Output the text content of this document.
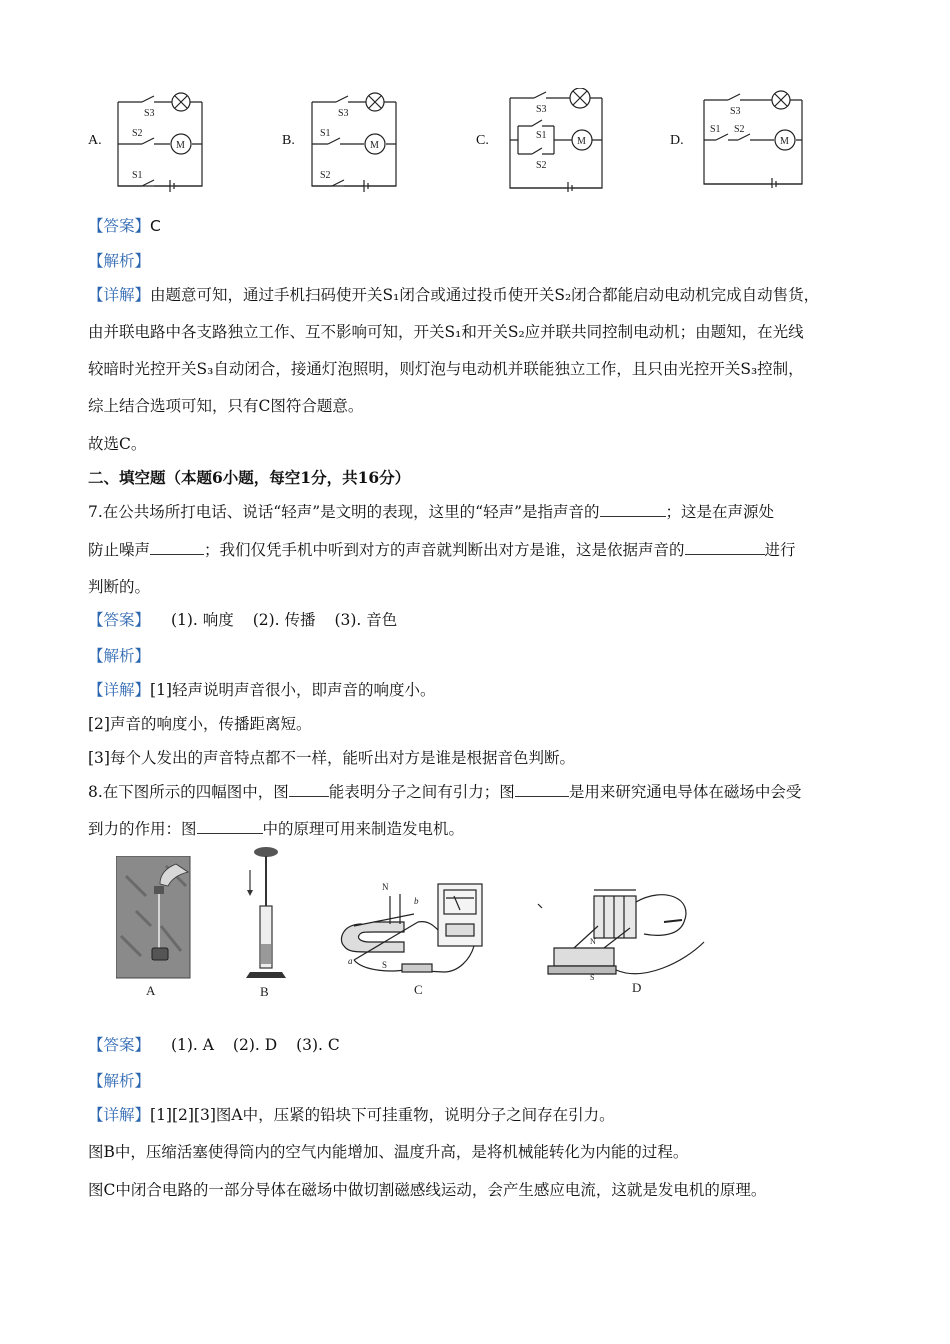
A.	B.	C.	D.
S3
S2
S1
M
S3
S1
S2
M
S3
S1
S2
M
S3
S1 S2
M
【答案】C
【解析】
【详解】由题意可知，通过手机扫码使开关S₁闭合或通过投币使开关S₂闭合都能启动电动机完成自动售货，
由并联电路中各支路独立工作、互不影响可知，开关S₁和开关S₂应并联共同控制电动机；由题知，在光线
较暗时光控开关S₃自动闭合，接通灯泡照明，则灯泡与电动机并联能独立工作，且只由光控开关S₃控制，
综上结合选项可知，只有C图符合题意。
故选C。
二、填空题（本题6小题，每空1分，共16分）
7.在公共场所打电话、说话“轻声”是文明的表现，这里的“轻声”是指声音的	；这是在声源处
防止噪声	；我们仅凭手机中听到对方的声音就判断出对方是谁，这是依据声音的	进行
判断的。
【答案】 (1). 响度 (2). 传播 (3). 音色
【解析】
【详解】[1]轻声说明声音很小，即声音的响度小。
[2]声音的响度小，传播距离短。
[3]每个人发出的声音特点都不一样，能听出对方是谁是根据音色判断。
8.在下图所示的四幅图中，图	能表明分子之间有引力；图	是用来研究通电导体在磁场中会受
到力的作用：图	中的原理可用来制造发电机。
A	B
N
S
b
a
C
N
S
D
【答案】 (1). A (2). D (3). C
【解析】
【详解】[1][2][3]图A中，压紧的铅块下可挂重物，说明分子之间存在引力。
图B中，压缩活塞使得筒内的空气内能增加、温度升高，是将机械能转化为内能的过程。
图C中闭合电路的一部分导体在磁场中做切割磁感线运动，会产生感应电流，这就是发电机的原理。
